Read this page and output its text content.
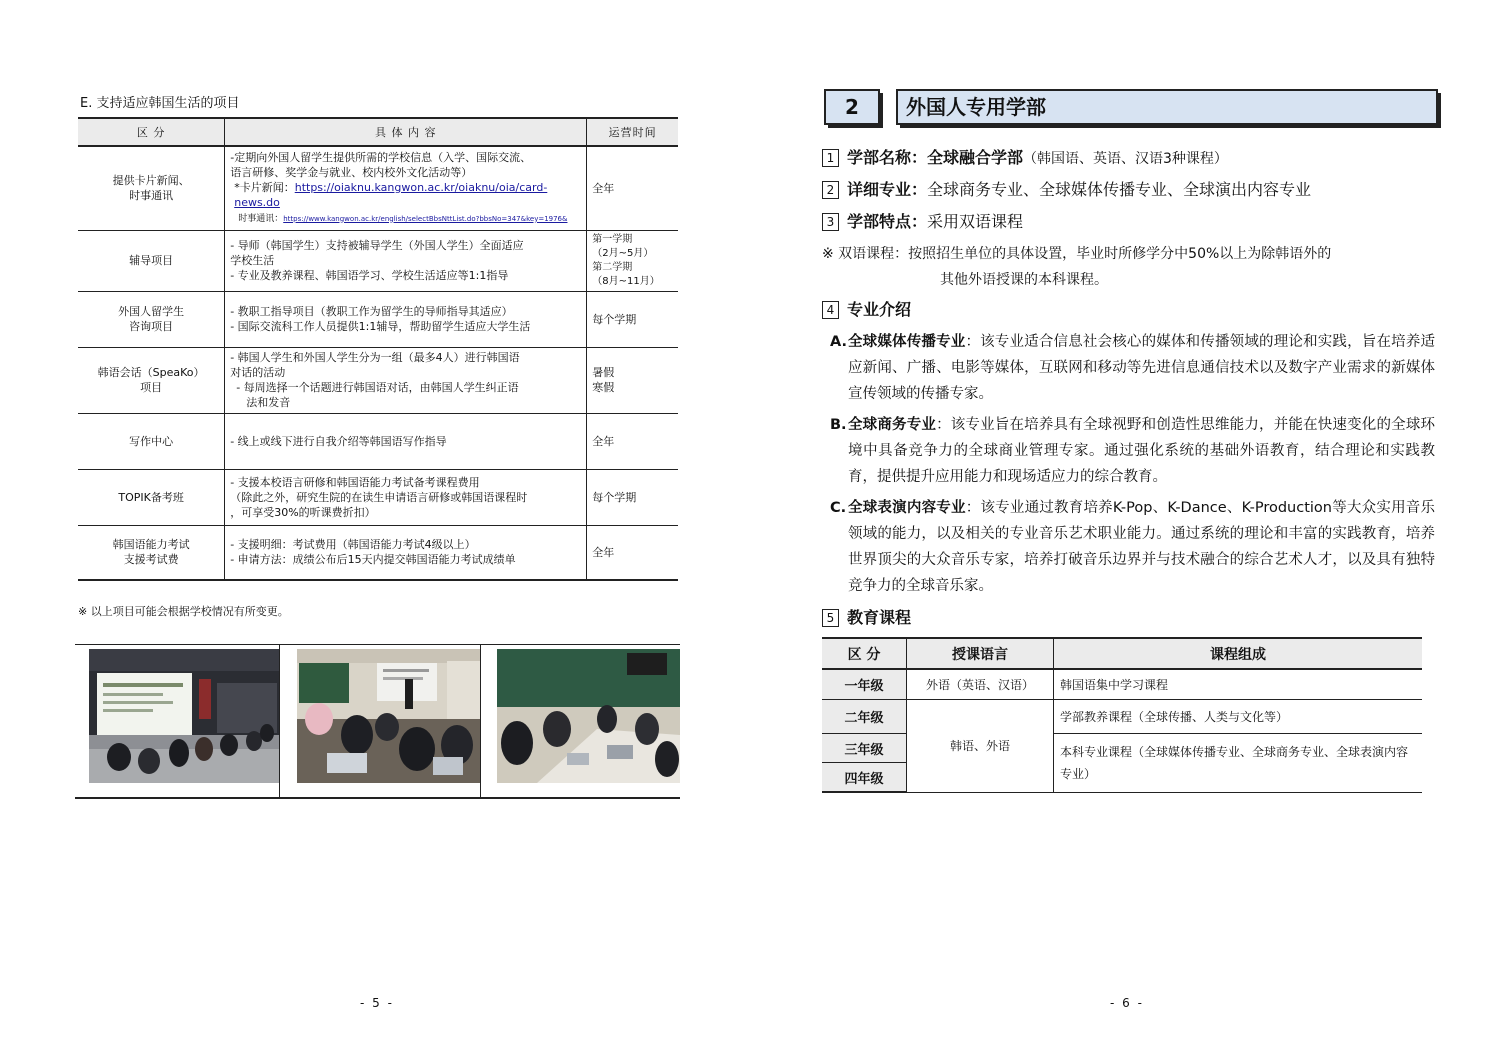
E. 支持适应韩国生活的项目
区 分	具 体 内 容	运营时间

提供卡片新闻、
时事通讯	-定期向外国人留学生提供所需的学校信息（入学、国际交流、
语言研修、奖学金与就业、校内校外文化活动等）
*卡片新闻：https://oiaknu.kangwon.ac.kr/oiaknu/oia/card-news.do
时事通讯：https://www.kangwon.ac.kr/english/selectBbsNttList.do?bbsNo=347&key=1976&	全年

辅导项目	- 导师（韩国学生）支持被辅导学生（外国人学生）全面适应
学校生活
- 专业及教养课程、韩国语学习、学校生活适应等1:1指导	第一学期
（2月~5月）
第二学期
（8月~11月）

外国人留学生
咨询项目	- 教职工指导项目（教职工作为留学生的导师指导其适应）
- 国际交流科工作人员提供1:1辅导，帮助留学生适应大学生活	每个学期

韩语会话（SpeaKo）
项目	- 韩国人学生和外国人学生分为一组（最多4人）进行韩国语
对话的活动
- 每周选择一个话题进行韩国语对话，由韩国人学生纠正语
法和发音	暑假
寒假

写作中心	- 线上或线下进行自我介绍等韩国语写作指导	全年

TOPIK备考班	- 支援本校语言研修和韩国语能力考试备考课程费用
（除此之外，研究生院的在读生申请语言研修或韩国语课程时
，可享受30%的听课费折扣）	每个学期

韩国语能力考试
支援考试费	- 支援明细：考试费用（韩国语能力考试4级以上）
- 申请方法：成绩公布后15天内提交韩国语能力考试成绩单	全年
※ 以上项目可能会根据学校情况有所变更。
- 5 -
2	外国人专用学部
1 学部名称：全球融合学部（韩国语、英语、汉语3种课程）
2 详细专业：全球商务专业、全球媒体传播专业、全球演出内容专业
3 学部特点：采用双语课程
※ 双语课程：按照招生单位的具体设置，毕业时所修学分中50%以上为除韩语外的
其他外语授课的本科课程。
4 专业介绍
A. 全球媒体传播专业：该专业适合信息社会核心的媒体和传播领域的理论和实践，旨在培养适应新闻、广播、电影等媒体，互联网和移动等先进信息通信技术以及数字产业需求的新媒体宣传领域的传播专家。
B. 全球商务专业：该专业旨在培养具有全球视野和创造性思维能力，并能在快速变化的全球环境中具备竞争力的全球商业管理专家。通过强化系统的基础外语教育，结合理论和实践教育，提供提升应用能力和现场适应力的综合教育。
C. 全球表演内容专业：该专业通过教育培养K-Pop、K-Dance、K-Production等大众实用音乐领域的能力，以及相关的专业音乐艺术职业能力。通过系统的理论和丰富的实践教育，培养世界顶尖的大众音乐专家，培养打破音乐边界并与技术融合的综合艺术人才，以及具有独特竞争力的全球音乐家。
5 教育课程
区 分	授课语言	课程组成
一年级	外语（英语、汉语）	韩国语集中学习课程
二年级	韩语、外语	学部教养课程（全球传播、人类与文化等）
三年级		本科专业课程（全球媒体传播专业、全球商务专业、全球表演内容专业）
四年级		
- 6 -
